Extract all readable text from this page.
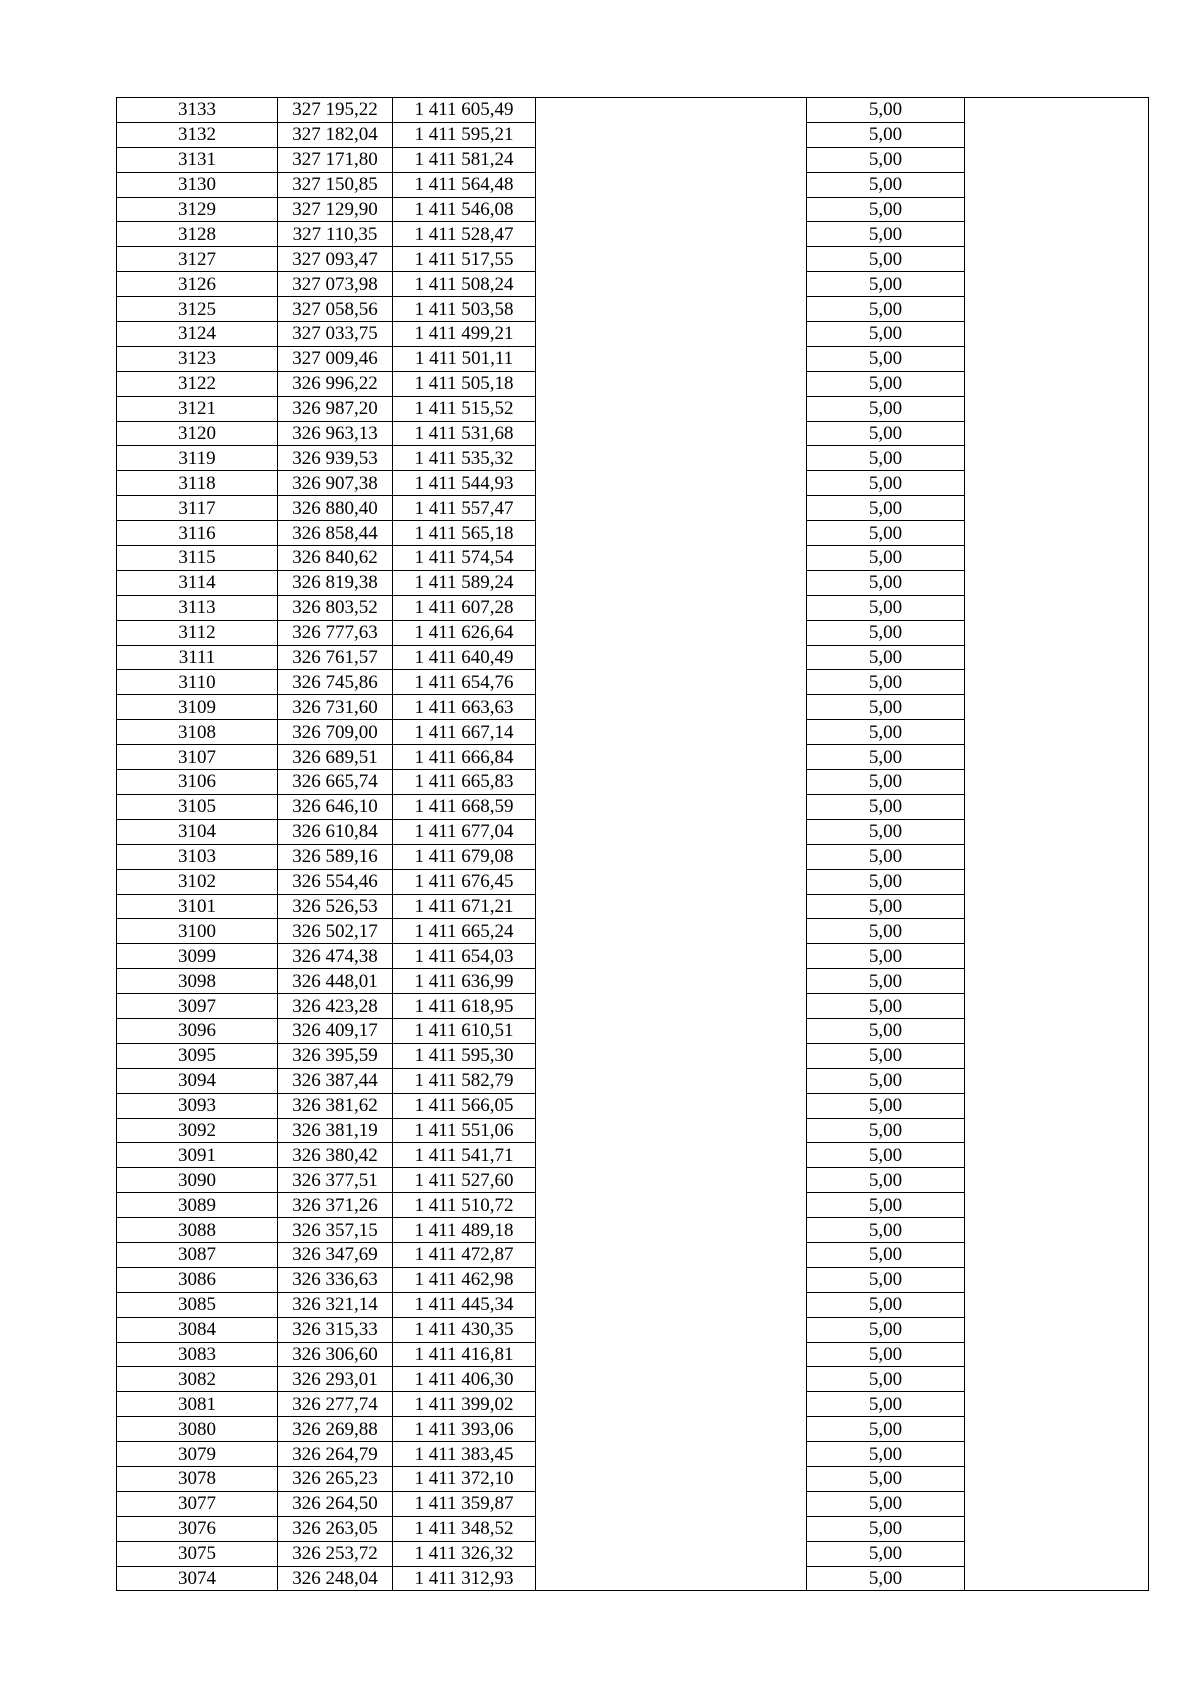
3133	327 195,22	1 411 605,49		5,00	
3132	327 182,04	1 411 595,21		5,00	
3131	327 171,80	1 411 581,24		5,00	
3130	327 150,85	1 411 564,48		5,00	
3129	327 129,90	1 411 546,08		5,00	
3128	327 110,35	1 411 528,47		5,00	
3127	327 093,47	1 411 517,55		5,00	
3126	327 073,98	1 411 508,24		5,00	
3125	327 058,56	1 411 503,58		5,00	
3124	327 033,75	1 411 499,21		5,00	
3123	327 009,46	1 411 501,11		5,00	
3122	326 996,22	1 411 505,18		5,00	
3121	326 987,20	1 411 515,52		5,00	
3120	326 963,13	1 411 531,68		5,00	
3119	326 939,53	1 411 535,32		5,00	
3118	326 907,38	1 411 544,93		5,00	
3117	326 880,40	1 411 557,47		5,00	
3116	326 858,44	1 411 565,18		5,00	
3115	326 840,62	1 411 574,54		5,00	
3114	326 819,38	1 411 589,24		5,00	
3113	326 803,52	1 411 607,28		5,00	
3112	326 777,63	1 411 626,64		5,00	
3111	326 761,57	1 411 640,49		5,00	
3110	326 745,86	1 411 654,76		5,00	
3109	326 731,60	1 411 663,63		5,00	
3108	326 709,00	1 411 667,14		5,00	
3107	326 689,51	1 411 666,84		5,00	
3106	326 665,74	1 411 665,83		5,00	
3105	326 646,10	1 411 668,59		5,00	
3104	326 610,84	1 411 677,04		5,00	
3103	326 589,16	1 411 679,08		5,00	
3102	326 554,46	1 411 676,45		5,00	
3101	326 526,53	1 411 671,21		5,00	
3100	326 502,17	1 411 665,24		5,00	
3099	326 474,38	1 411 654,03		5,00	
3098	326 448,01	1 411 636,99		5,00	
3097	326 423,28	1 411 618,95		5,00	
3096	326 409,17	1 411 610,51		5,00	
3095	326 395,59	1 411 595,30		5,00	
3094	326 387,44	1 411 582,79		5,00	
3093	326 381,62	1 411 566,05		5,00	
3092	326 381,19	1 411 551,06		5,00	
3091	326 380,42	1 411 541,71		5,00	
3090	326 377,51	1 411 527,60		5,00	
3089	326 371,26	1 411 510,72		5,00	
3088	326 357,15	1 411 489,18		5,00	
3087	326 347,69	1 411 472,87		5,00	
3086	326 336,63	1 411 462,98		5,00	
3085	326 321,14	1 411 445,34		5,00	
3084	326 315,33	1 411 430,35		5,00	
3083	326 306,60	1 411 416,81		5,00	
3082	326 293,01	1 411 406,30		5,00	
3081	326 277,74	1 411 399,02		5,00	
3080	326 269,88	1 411 393,06		5,00	
3079	326 264,79	1 411 383,45		5,00	
3078	326 265,23	1 411 372,10		5,00	
3077	326 264,50	1 411 359,87		5,00	
3076	326 263,05	1 411 348,52		5,00	
3075	326 253,72	1 411 326,32		5,00	
3074	326 248,04	1 411 312,93		5,00	
